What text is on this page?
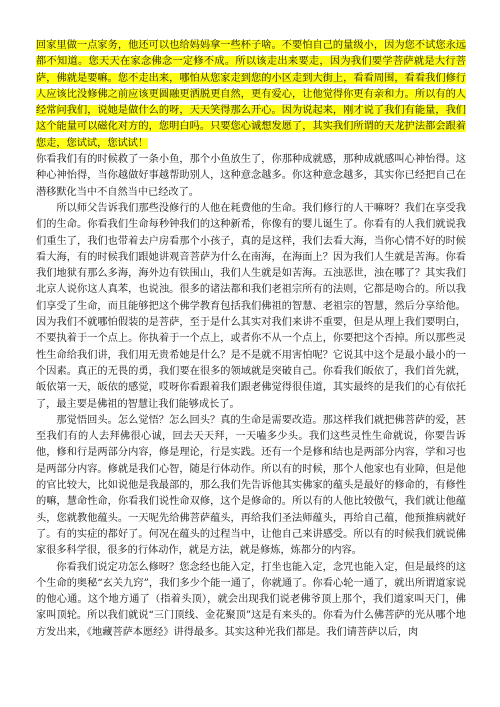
回家里做一点家务，他还可以也给妈妈拿一些杯子啥。不要怕自己的量级小，因为您不试您永远都不知道。您天天在家念佛念一定修不成。所以该走出来要走，因为我们要学菩萨就是大行菩萨，佛就是要嘛。您不走出来，哪怕从您家走到您的小区走到大街上，看看周围，看看我们修行人应该比没修佛之前应该更圆融更洒脱更自然，更有爱心，让他觉得你更有亲和力。所以有的人经常问我们，说她是做什么的呀，天天笑得那么开心。因为说起来，刚才说了我们有能量，我们这个能量可以磁化对方的，您明白吗。只要您心诚想发愿了，其实我们所谓的天龙护法都会跟着您走，您试试，您试试！

你看我们有的时候救了一条小鱼，那个小鱼放生了，你那种成就感，那种成就感叫心神怡得。这种心神怡得，当你越做好事越帮助别人，这种意念越多。你这种意念越多，其实你已经把自己在潜移默化当中不自然当中已经改了。

所以师父告诉我们那些没修行的人他在耗费他的生命。我们修行的人干嘛呀？我们在享受我们的生命。你看我们生命每秒钟我们的这种新希，你像有的婴儿诞生了。你看有的人我们就说我们重生了，我们也带着去户房看那个小孩子，真的是这样，我们去看大海，当你心情不好的时候看大海，有的时候我们跟她讲观音菩萨为什么在南海，在海面上？因为我们人生就是苦海。你看我们地狱有那么多海，海外边有铁围山，我们人生就是如苦海。五浊恶世，浊在哪了？其实我们北京人说你这人真苯，也说浊。很多的诸法都和我们老祖宗所有的法则，它都是吻合的。所以我们享受了生命，而且能够把这个佛学教育包括我们佛祖的智慧、老祖宗的智慧，然后分享给他。因为我们不就哪怕假装的是菩萨，至于是什么其实对我们来讲不重要，但是从理上我们要明白，不要执着于一个点上。你执着于一个点上，或者你不从一个点上，你要把这个否掉。所以那些灵性生命给我们讲，我们用无贵希她是什么？是不是就不用害怕呢？它说其中这个是最小最小的一个因素。真正的无畏的勇，我们要在很多的领域就是突破自己。你看我们皈依了，我们首先就，皈依第一天，皈依的感觉，哎呀你看跟着我们跟老佛觉得很佳道，其实最终的是我们的心有依托了，最主要是佛祖的智慧让我们能够成长了。

那觉悟回头。怎么觉悟？怎么回头？真的生命是需要改造。那这样我们就把佛菩萨的爱，甚至我们有的人去拜佛很心诚，回去天天拜，一天嗑多少头。我们这些灵性生命就说，你要告诉他，修和行是两部分内容，修是理论，行是实践。还有一个是修和结也是两部分内容，学和习也是两部分内容。修就是我们心智，随是行体动作。所以有的时候，那个人他家也有业障，但是他的官比较大，比如说他是我最部的，那么我们先告诉他其实佛家的蕴头是最好的修命的，有修性的嘛，慧命性命，你看我们说性命双修，这个是修命的。所以有的人他比较傲气，我们就让他蕴头，您就教他蕴头。一天呢先给佛菩萨蕴头，再给我们圣法师蕴头，再给自己蕴，他预推病就好了。有的实症的都好了。何况在蕴头的过程当中，让他自己来讲感受。所以有的时候我们就说佛家很多科学很，很多的行体动作，就是方法，就是修炼，炼都分的内容。

你看我们说定功怎么修呀？您念经也能入定，打坐也能入定，念咒也能入定，但是最终的这个生命的奥秘“玄关九窍”，我们多少个能一通了，你就通了。你看心轮一通了，就出所谓道家说的他心通。这个地方通了（指着头顶），就会出现我们说老佛爷顶上那个，我们道家叫天门，佛家叫顶轮。所以我们就说“三门顶线、金花聚顶”这是有来头的。你看为什么佛菩萨的光从哪个地方发出来，《地藏菩萨本愿经》讲得最多。其实这种光我们都是。我们请菩萨以后，肉
